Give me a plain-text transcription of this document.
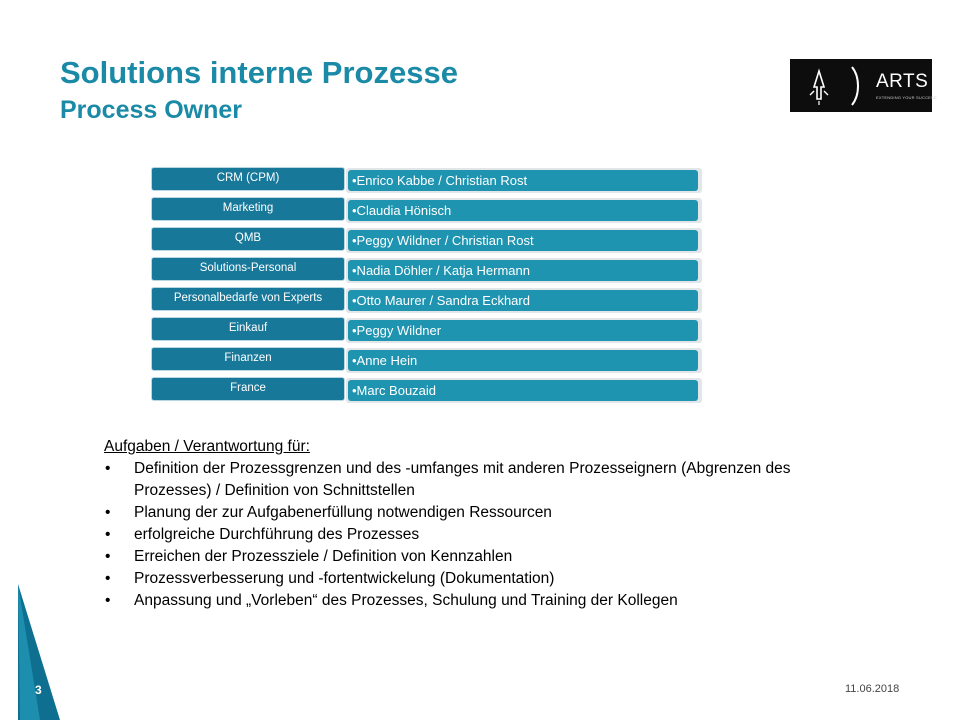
Solutions interne Prozesse
Process Owner
ARTS
EXTENDING YOUR SUCCESS
•Enrico Kabbe / Christian Rost
CRM (CPM)
•Claudia Hönisch
Marketing
•Peggy Wildner / Christian Rost
QMB
•Nadia Döhler / Katja Hermann
Solutions-Personal
•Otto Maurer / Sandra Eckhard
Personalbedarfe von Experts
•Peggy Wildner
Einkauf
•Anne Hein
Finanzen
•Marc Bouzaid
France

Aufgaben / Verantwortung für:

• Definition der Prozessgrenzen und des -umfanges mit anderen Prozesseignern (Abgrenzen des Prozesses) / Definition von Schnittstellen
• Planung der zur Aufgabenerfüllung notwendigen Ressourcen
• erfolgreiche Durchführung des Prozesses
• Erreichen der Prozessziele / Definition von Kennzahlen
• Prozessverbesserung und -fortentwickelung (Dokumentation)
• Anpassung und „Vorleben“ des Prozesses, Schulung und Training der Kollegen
3	11.06.2018
